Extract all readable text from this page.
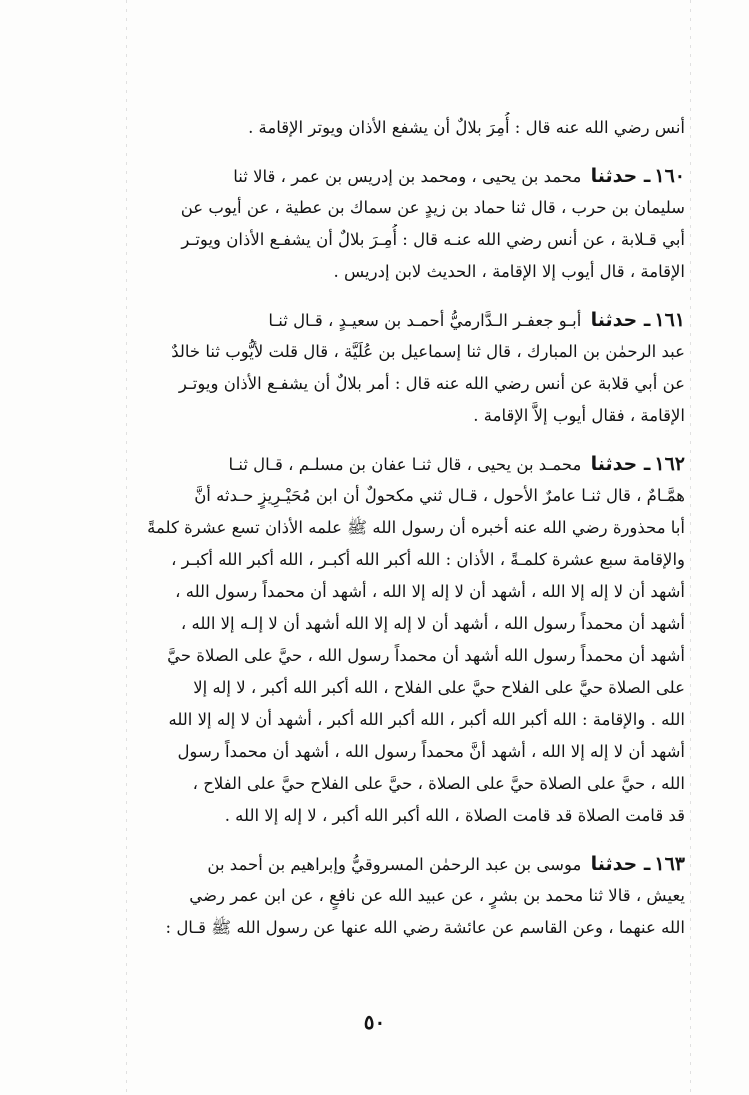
أنس رضي الله عنه قال : أُمِرَ بلالٌ أن يشفع الأذان ويوتر الإقامة .
١٦٠ـ حدثنا محمد بن يحيى ، ومحمد بن إدريس بن عمر ، قالا ثنا
سليمان بن حرب ، قال ثنا حماد بن زيدٍ عن سماك بن عطية ، عن أيوب عن
أبي قـلابة ، عن أنس رضي الله عنـه قال : أُمِـرَ بلالٌ أن يشفـع الأذان ويوتـر
الإقامة ، قال أيوب إلا الإقامة ، الحديث لابن إدريس .
١٦١ـ حدثنا أبـو جعفـر الـدَّارميُّ أحمـد بن سعيـدٍ ، قـال ثنـا
عبد الرحمٰن بن المبارك ، قال ثنا إسماعيل بن عُلَيَّة ، قال قلت لأيُّوب ثنا خالدٌ
عن أبي قلابة عن أنس رضي الله عنه قال : أمر بلالٌ أن يشفـع الأذان ويوتـر
الإقامة ، فقال أيوب إلاَّ الإقامة .
١٦٢ـ حدثنا محمـد بن يحيى ، قال ثنـا عفان بن مسلـم ، قـال ثنـا
همَّـامٌ ، قال ثنـا عامرٌ الأحول ، قـال ثني مكحولٌ أن ابن مُحَيْـرِيزٍ حـدثه أنَّ
أبا محذورة رضي الله عنه أخبره أن رسول الله ﷺ علمه الأذان تسع عشرة كلمةً
والإقامة سبع عشرة كلمـةً ، الأذان : الله أكبر الله أكبـر ، الله أكبر الله أكبـر ،
أشهد أن لا إله إلا الله ، أشهد أن لا إله إلا الله ، أشهد أن محمداً رسول الله ،
أشهد أن محمداً رسول الله ، أشهد أن لا إله إلا الله أشهد أن لا إلـه إلا الله ،
أشهد أن محمداً رسول الله أشهد أن محمداً رسول الله ، حيَّ على الصلاة حيَّ
على الصلاة حيَّ على الفلاح حيَّ على الفلاح ، الله أكبر الله أكبر ، لا إله إلا
الله . والإقامة : الله أكبر الله أكبر ، الله أكبر الله أكبر ، أشهد أن لا إله إلا الله
أشهد أن لا إله إلا الله ، أشهد أنَّ محمداً رسول الله ، أشهد أن محمداً رسول
الله ، حيَّ على الصلاة حيَّ على الصلاة ، حيَّ على الفلاح حيَّ على الفلاح ،
قد قامت الصلاة قد قامت الصلاة ، الله أكبر الله أكبر ، لا إله إلا الله .
١٦٣ـ حدثنا موسى بن عبد الرحمٰن المسروقيُّ وإبراهيم بن أحمد بن
يعيش ، قالا ثنا محمد بن بشرٍ ، عن عبيد الله عن نافعٍ ، عن ابن عمر رضي
الله عنهما ، وعن القاسم عن عائشة رضي الله عنها عن رسول الله ﷺ قـال :
٥٠
